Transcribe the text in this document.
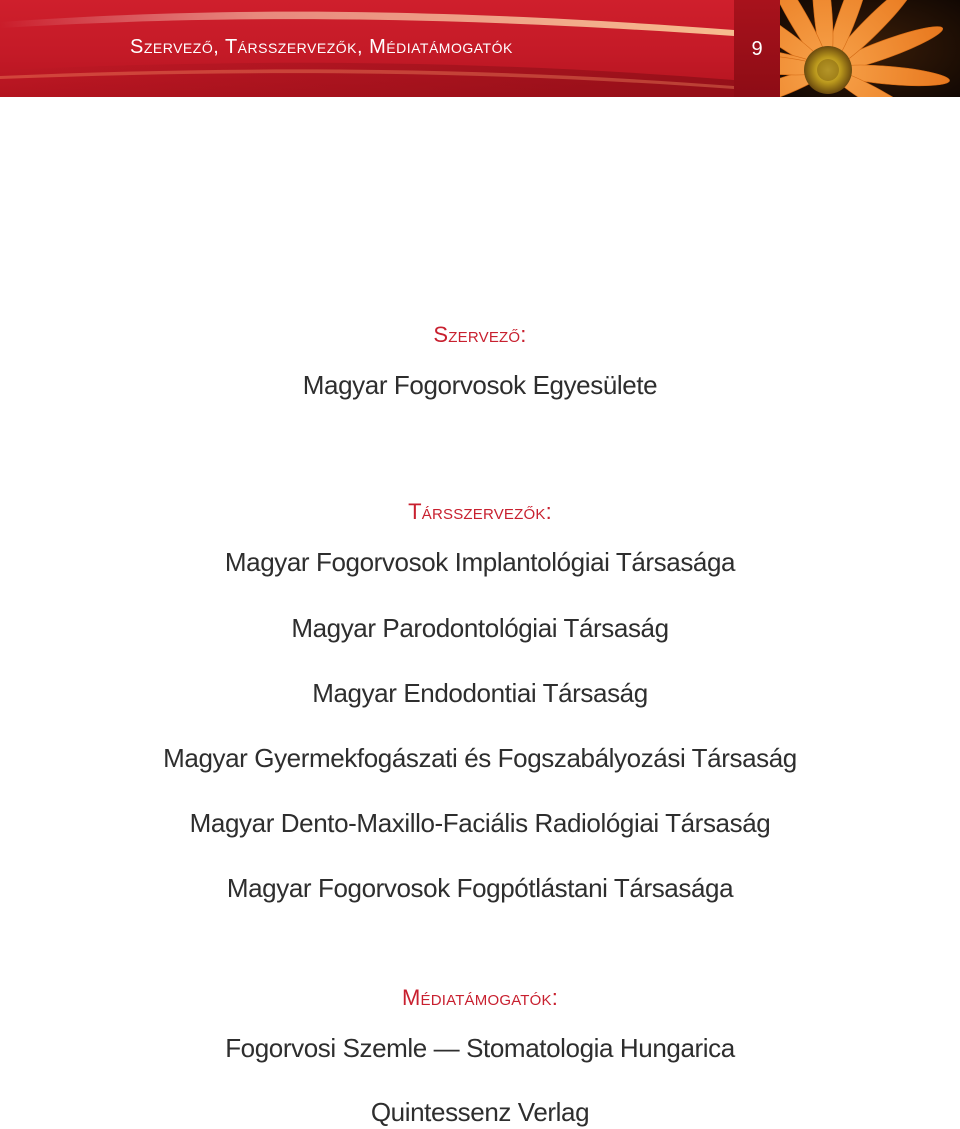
Szervező, Társszervezők, Médiatámogatók	9
Szervező:
Magyar Fogorvosok Egyesülete
Társszervezők:
Magyar Fogorvosok Implantológiai Társasága
Magyar Parodontológiai Társaság
Magyar Endodontiai Társaság
Magyar Gyermekfogászati és Fogszabályozási Társaság
Magyar Dento-Maxillo-Faciális Radiológiai Társaság
Magyar Fogorvosok Fogpótlástani Társasága
Médiatámogatók:
Fogorvosi Szemle — Stomatologia Hungarica
Quintessenz Verlag
